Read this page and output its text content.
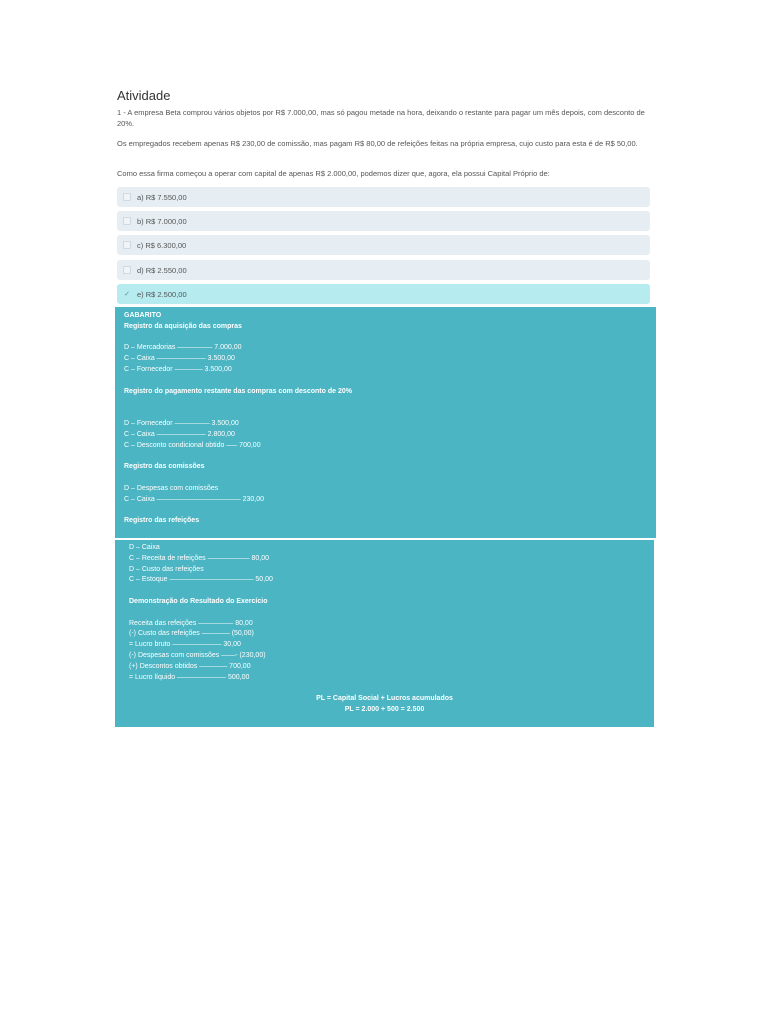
Atividade

1 - A empresa Beta comprou vários objetos por R$ 7.000,00, mas só pagou metade na hora, deixando o restante para pagar um mês depois, com desconto de 20%.

Os empregados recebem apenas R$ 230,00 de comissão, mas pagam R$ 80,00 de refeições feitas na própria empresa, cujo custo para esta é de R$ 50,00.

Como essa firma começou a operar com capital de apenas R$ 2.000,00, podemos dizer que, agora, ela possui Capital Próprio de:

a) R$ 7.550,00
b) R$ 7.000,00
c) R$ 6.300,00
d) R$ 2.550,00
✓ e) R$ 2.500,00
GABARITO
Registro da aquisição das compras
D – Mercadorias ————— 7.000,00
C – Caixa ——————— 3.500,00
C – Fornecedor ———— 3.500,00
Registro do pagamento restante das compras com desconto de 20%
D – Fornecedor ————— 3.500,00
C – Caixa ——————— 2.800,00
C – Desconto condicional obtido —– 700,00
Registro das comissões
D – Despesas com comissões
C – Caixa ———————————— 230,00
Registro das refeições
D – Caixa
C – Receita de refeições —————— 80,00
D – Custo das refeições
C – Estoque ———————————— 50,00
Demonstração do Resultado do Exercício
Receita das refeições ————— 80,00
(-) Custo das refeições ———— (50,00)
= Lucro bruto ——————— 30,00
(-) Despesas com comissões ——- (230,00)
(+) Descontos obtidos ———— 700,00
= Lucro líquido ——————— 500,00
PL = Capital Social + Lucros acumulados
PL = 2.000 + 500 = 2.500
